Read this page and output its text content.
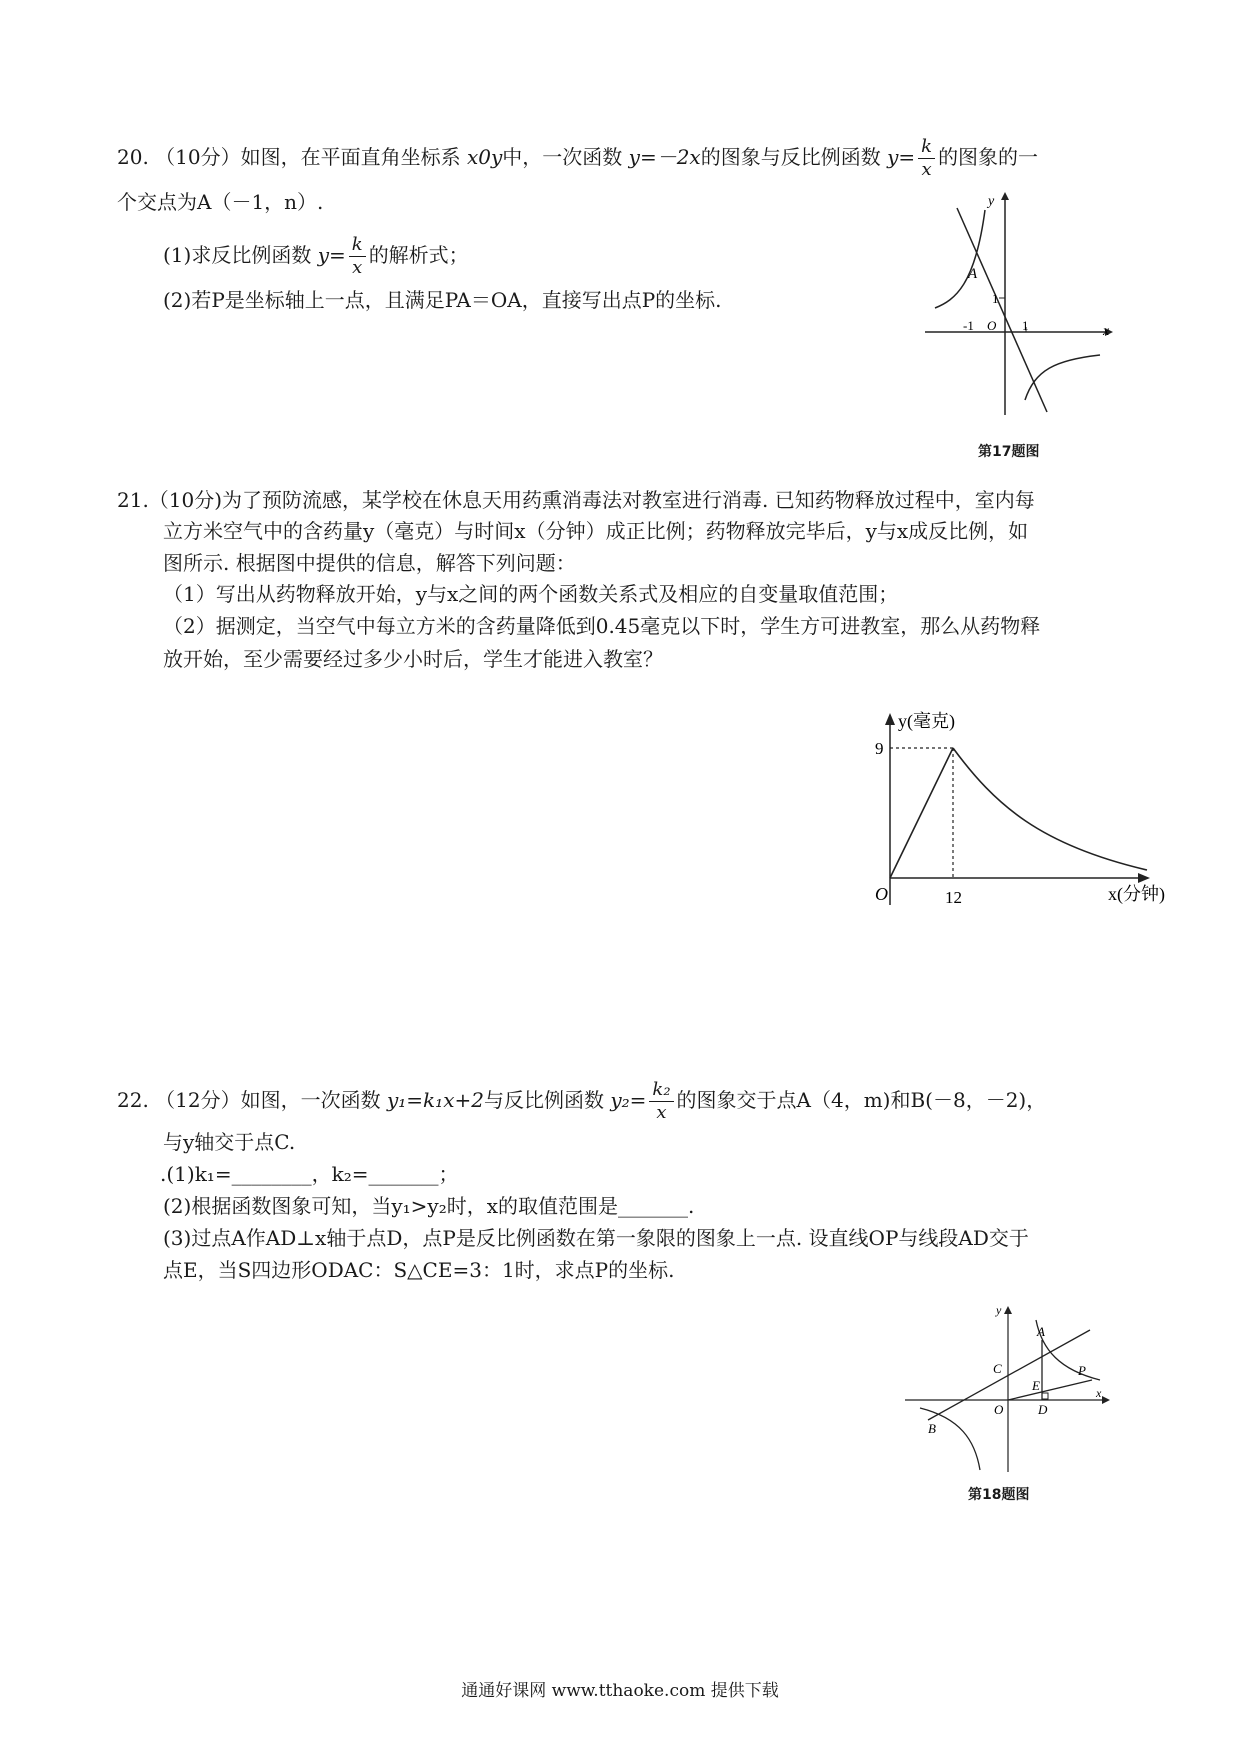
20. （10分）如图，在平面直角坐标系 x0y中，一次函数 y=－2x的图象与反比例函数 $y= \frac{k}{x}$ 的图象的一
个交点为A（－1，n）.
(1)求反比例函数 $y= \frac{k}{x}$ 的解析式；
(2)若P是坐标轴上一点，且满足PA＝OA，直接写出点P的坐标.
y
x
A
1
-1 O 1
第17题图
21.（10分)为了预防流感，某学校在休息天用药熏消毒法对教室进行消毒. 已知药物释放过程中，室内每
立方米空气中的含药量y（毫克）与时间x（分钟）成正比例；药物释放完毕后，y与x成反比例，如
图所示. 根据图中提供的信息，解答下列问题：
（1）写出从药物释放开始，y与x之间的两个函数关系式及相应的自变量取值范围；
（2）据测定，当空气中每立方米的含药量降低到0.45毫克以下时，学生方可进教室，那么从药物释
放开始，至少需要经过多少小时后，学生才能进入教室？
y(毫克)
9
12
O	x(分钟)
22. （12分）如图，一次函数 y₁=k₁x+2与反比例函数 $y_2= \frac{\text{k₂}}{x}$ 的图象交于点A（4，m)和B(－8，－2)，
与y轴交于点C.
.(1)k₁=________，k₂=_______；
(2)根据函数图象可知，当y₁>y₂时，x的取值范围是_______.
(3)过点A作AD⊥x轴于点D，点P是反比例函数在第一象限的图象上一点. 设直线OP与线段AD交于
点E，当S四边形ODAC：S△CE=3：1时，求点P的坐标.
y
x
A
C
E
P
O	D
B
第18题图
通通好课网 www.tthaoke.com 提供下载
